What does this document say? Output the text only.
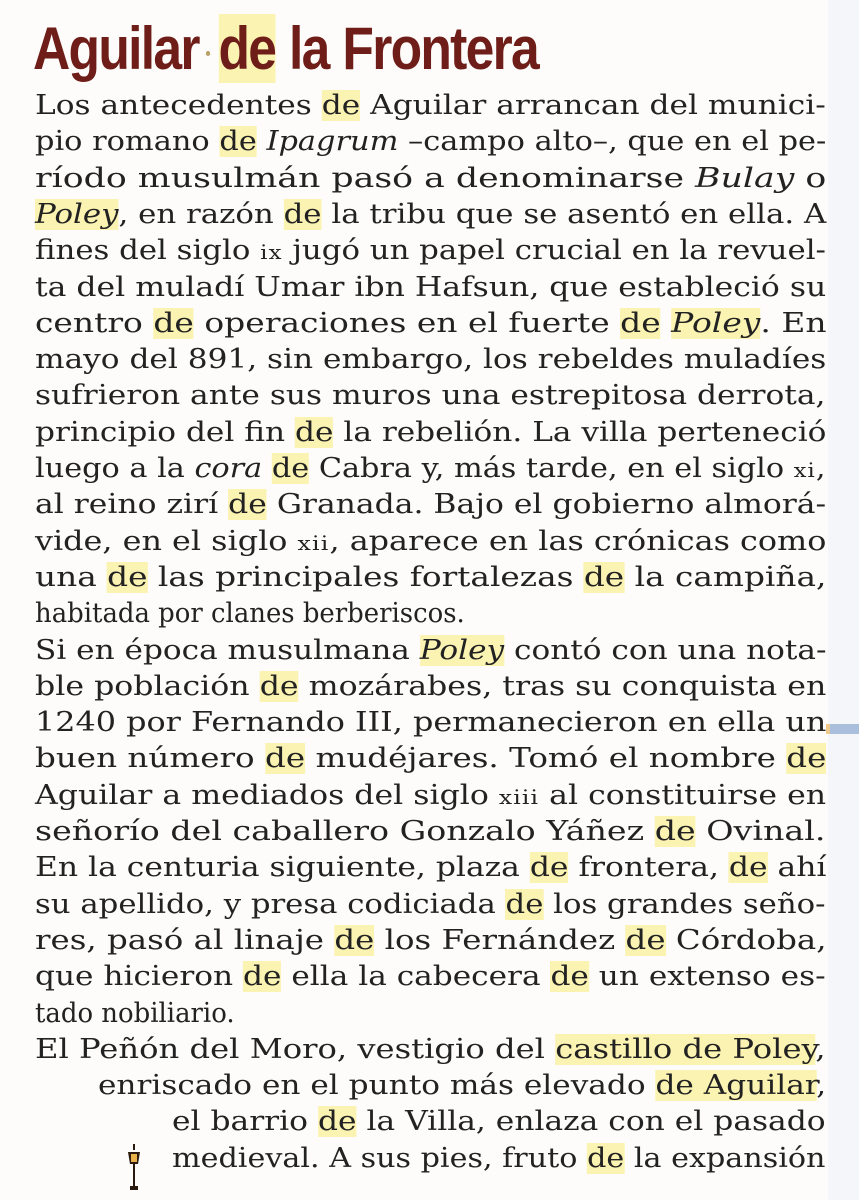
Aguilar de la Frontera
Los antecedentes de Aguilar arrancan del munici-
pio romano de Ipagrum –campo alto–, que en el pe-
ríodo musulmán pasó a denominarse Bulay o
Poley, en razón de la tribu que se asentó en ella. A
fines del siglo ix jugó un papel crucial en la revuel-
ta del muladí Umar ibn Hafsun, que estableció su
centro de operaciones en el fuerte de Poley. En
mayo del 891, sin embargo, los rebeldes muladíes
sufrieron ante sus muros una estrepitosa derrota,
principio del fin de la rebelión. La villa perteneció
luego a la cora de Cabra y, más tarde, en el siglo xi,
al reino zirí de Granada. Bajo el gobierno almorá-
vide, en el siglo xii, aparece en las crónicas como
una de las principales fortalezas de la campiña,
habitada por clanes berberiscos.
Si en época musulmana Poley contó con una nota-
ble población de mozárabes, tras su conquista en
1240 por Fernando III, permanecieron en ella un
buen número de mudéjares. Tomó el nombre de
Aguilar a mediados del siglo xiii al constituirse en
señorío del caballero Gonzalo Yáñez de Ovinal.
En la centuria siguiente, plaza de frontera, de ahí
su apellido, y presa codiciada de los grandes seño-
res, pasó al linaje de los Fernández de Córdoba,
que hicieron de ella la cabecera de un extenso es-
tado nobiliario.
El Peñón del Moro, vestigio del castillo de Poley,
enriscado en el punto más elevado de Aguilar,
el barrio de la Villa, enlaza con el pasado
medieval. A sus pies, fruto de la expansión
